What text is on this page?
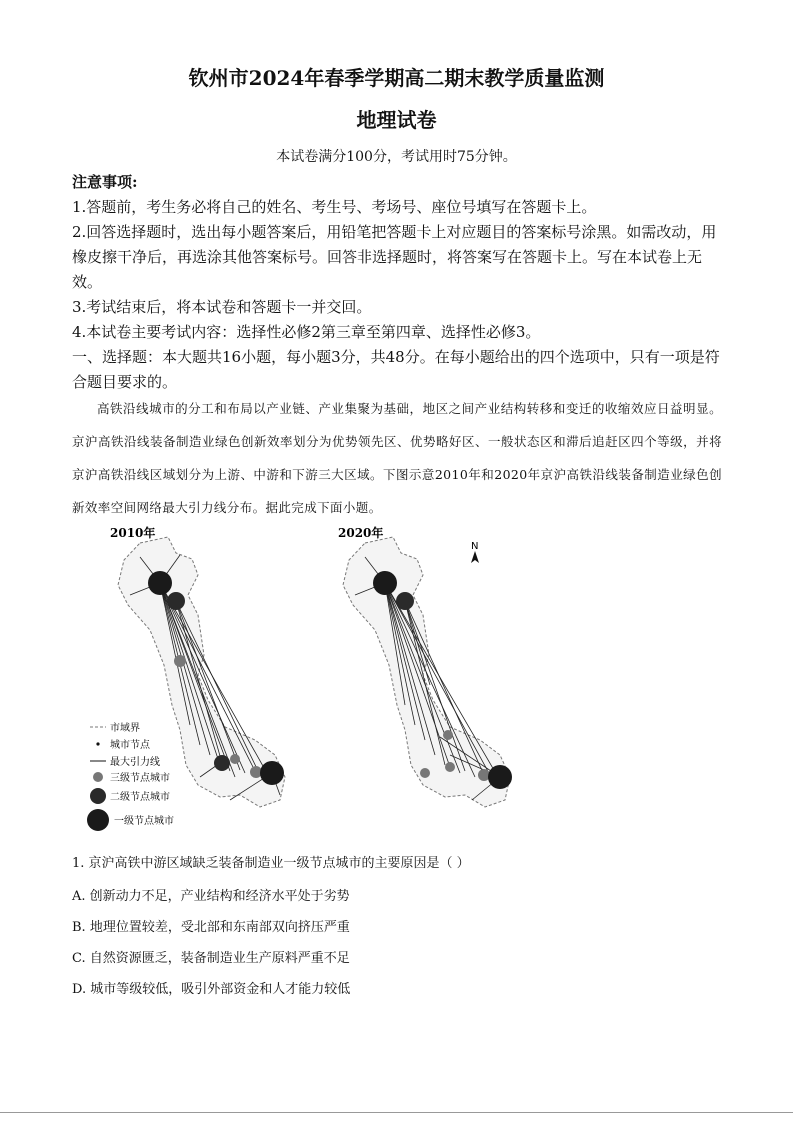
钦州市2024年春季学期高二期末教学质量监测
地理试卷
本试卷满分100分，考试用时75分钟。

注意事项:

1.答题前，考生务必将自己的姓名、考生号、考场号、座位号填写在答题卡上。

2.回答选择题时，选出每小题答案后，用铅笔把答题卡上对应题目的答案标号涂黑。如需改动，用橡皮擦干净后，再选涂其他答案标号。回答非选择题时，将答案写在答题卡上。写在本试卷上无效。

3.考试结束后，将本试卷和答题卡一并交回。

4.本试卷主要考试内容：选择性必修2第三章至第四章、选择性必修3。

一、选择题：本大题共16小题，每小题3分，共48分。在每小题给出的四个选项中，只有一项是符合题目要求的。

高铁沿线城市的分工和布局以产业链、产业集聚为基础，地区之间产业结构转移和变迁的收缩效应日益明显。京沪高铁沿线装备制造业绿色创新效率划分为优势领先区、优势略好区、一般状态区和滞后追赶区四个等级，并将京沪高铁沿线区域划分为上游、中游和下游三大区域。下图示意2010年和2020年京沪高铁沿线装备制造业绿色创新效率空间网络最大引力线分布。据此完成下面小题。

2010年
市域界
城市节点
最大引力线
三级节点城市
二级节点城市
一级节点城市
2020年
N
1. 京沪高铁中游区域缺乏装备制造业一级节点城市的主要原因是（ ）
A. 创新动力不足，产业结构和经济水平处于劣势
B. 地理位置较差，受北部和东南部双向挤压严重
C. 自然资源匮乏，装备制造业生产原料严重不足
D. 城市等级较低，吸引外部资金和人才能力较低
